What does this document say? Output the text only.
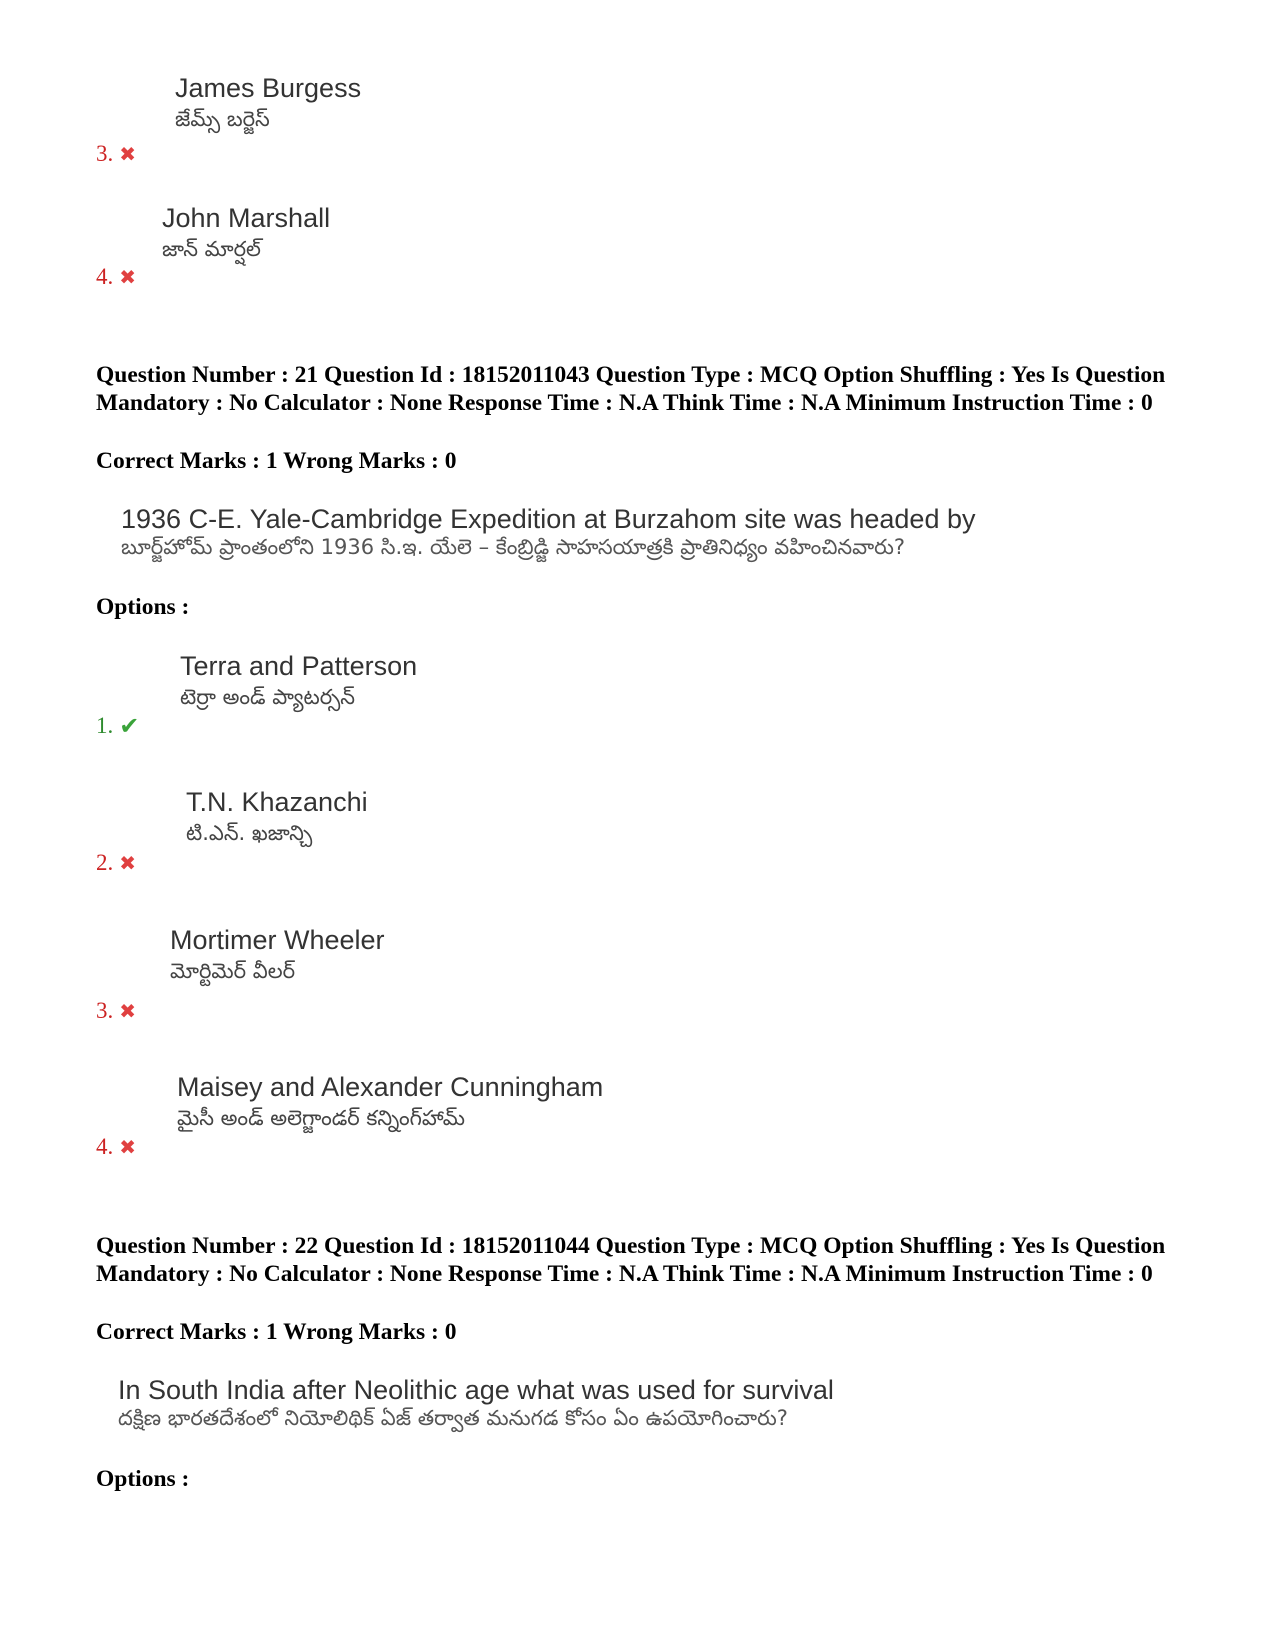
James Burgess
జేమ్స్ బర్జెస్
3. ✖
John Marshall
జాన్ మార్షల్
4. ✖
Question Number : 21 Question Id : 18152011043 Question Type : MCQ Option Shuffling : Yes Is Question Mandatory : No Calculator : None Response Time : N.A Think Time : N.A Minimum Instruction Time : 0
Correct Marks : 1 Wrong Marks : 0
1936 C-E. Yale-Cambridge Expedition at Burzahom site was headed by
బూర్జ్‌హోమ్ ప్రాంతంలోని 1936 సి.ఇ. యేలె – కేంబ్రిడ్జి సాహసయాత్రకి ప్రాతినిధ్యం వహించినవారు?
Options :
Terra and Patterson
టెర్రా అండ్ ప్యాటర్సన్
1. ✔
T.N. Khazanchi
టి.ఎన్. ఖజాన్చి
2. ✖
Mortimer Wheeler
మోర్టిమెర్ వీలర్
3. ✖
Maisey and Alexander Cunningham
మైసీ అండ్ అలెగ్జాండర్ కన్నింగ్‌హామ్
4. ✖
Question Number : 22 Question Id : 18152011044 Question Type : MCQ Option Shuffling : Yes Is Question Mandatory : No Calculator : None Response Time : N.A Think Time : N.A Minimum Instruction Time : 0
Correct Marks : 1 Wrong Marks : 0
In South India after Neolithic age what was used for survival
దక్షిణ భారతదేశంలో నియోలిథిక్ ఏజ్ తర్వాత మనుగడ కోసం ఏం ఉపయోగించారు?
Options :
